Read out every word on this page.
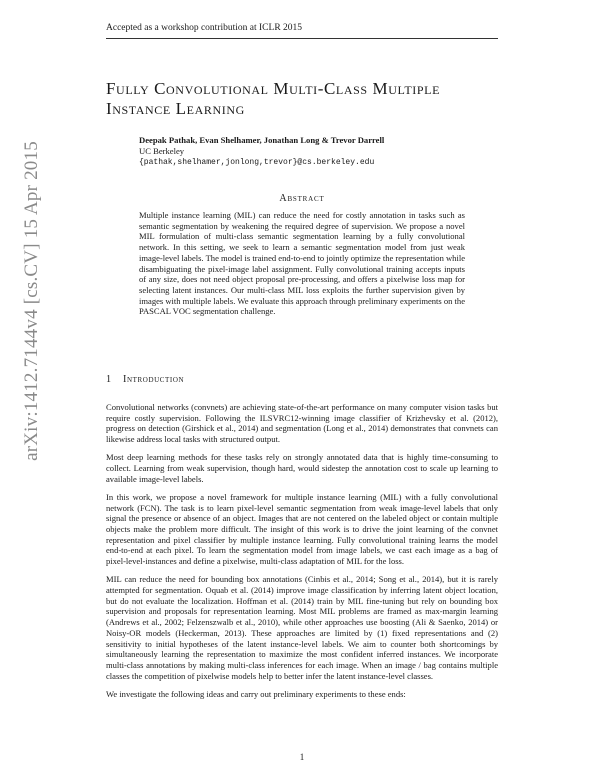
Accepted as a workshop contribution at ICLR 2015
arXiv:1412.7144v4 [cs.CV] 15 Apr 2015
Fully Convolutional Multi-Class Multiple
Instance Learning
Deepak Pathak, Evan Shelhamer, Jonathan Long & Trevor Darrell
UC Berkeley
{pathak,shelhamer,jonlong,trevor}@cs.berkeley.edu
Abstract
Multiple instance learning (MIL) can reduce the need for costly annotation in tasks such as semantic segmentation by weakening the required degree of supervision. We propose a novel MIL formulation of multi-class semantic segmentation learning by a fully convolutional network. In this setting, we seek to learn a semantic segmentation model from just weak image-level labels. The model is trained end-to-end to jointly optimize the representation while disambiguating the pixel-image label assignment. Fully convolutional training accepts inputs of any size, does not need object proposal pre-processing, and offers a pixelwise loss map for selecting latent instances. Our multi-class MIL loss exploits the further supervision given by images with multiple labels. We evaluate this approach through preliminary experiments on the PASCAL VOC segmentation challenge.
1 Introduction

Convolutional networks (convnets) are achieving state-of-the-art performance on many computer vision tasks but require costly supervision. Following the ILSVRC12-winning image classifier of Krizhevsky et al. (2012), progress on detection (Girshick et al., 2014) and segmentation (Long et al., 2014) demonstrates that convnets can likewise address local tasks with structured output.

Most deep learning methods for these tasks rely on strongly annotated data that is highly time-consuming to collect. Learning from weak supervision, though hard, would sidestep the annotation cost to scale up learning to available image-level labels.

In this work, we propose a novel framework for multiple instance learning (MIL) with a fully convolutional network (FCN). The task is to learn pixel-level semantic segmentation from weak image-level labels that only signal the presence or absence of an object. Images that are not centered on the labeled object or contain multiple objects make the problem more difficult. The insight of this work is to drive the joint learning of the convnet representation and pixel classifier by multiple instance learning. Fully convolutional training learns the model end-to-end at each pixel. To learn the segmentation model from image labels, we cast each image as a bag of pixel-level-instances and define a pixelwise, multi-class adaptation of MIL for the loss.

MIL can reduce the need for bounding box annotations (Cinbis et al., 2014; Song et al., 2014), but it is rarely attempted for segmentation. Oquab et al. (2014) improve image classification by inferring latent object location, but do not evaluate the localization. Hoffman et al. (2014) train by MIL fine-tuning but rely on bounding box supervision and proposals for representation learning. Most MIL problems are framed as max-margin learning (Andrews et al., 2002; Felzenszwalb et al., 2010), while other approaches use boosting (Ali & Saenko, 2014) or Noisy-OR models (Heckerman, 2013). These approaches are limited by (1) fixed representations and (2) sensitivity to initial hypotheses of the latent instance-level labels. We aim to counter both shortcomings by simultaneously learning the representation to maximize the most confident inferred instances. We incorporate multi-class annotations by making multi-class inferences for each image. When an image / bag contains multiple classes the competition of pixelwise models help to better infer the latent instance-level classes.

We investigate the following ideas and carry out preliminary experiments to these ends:

1
